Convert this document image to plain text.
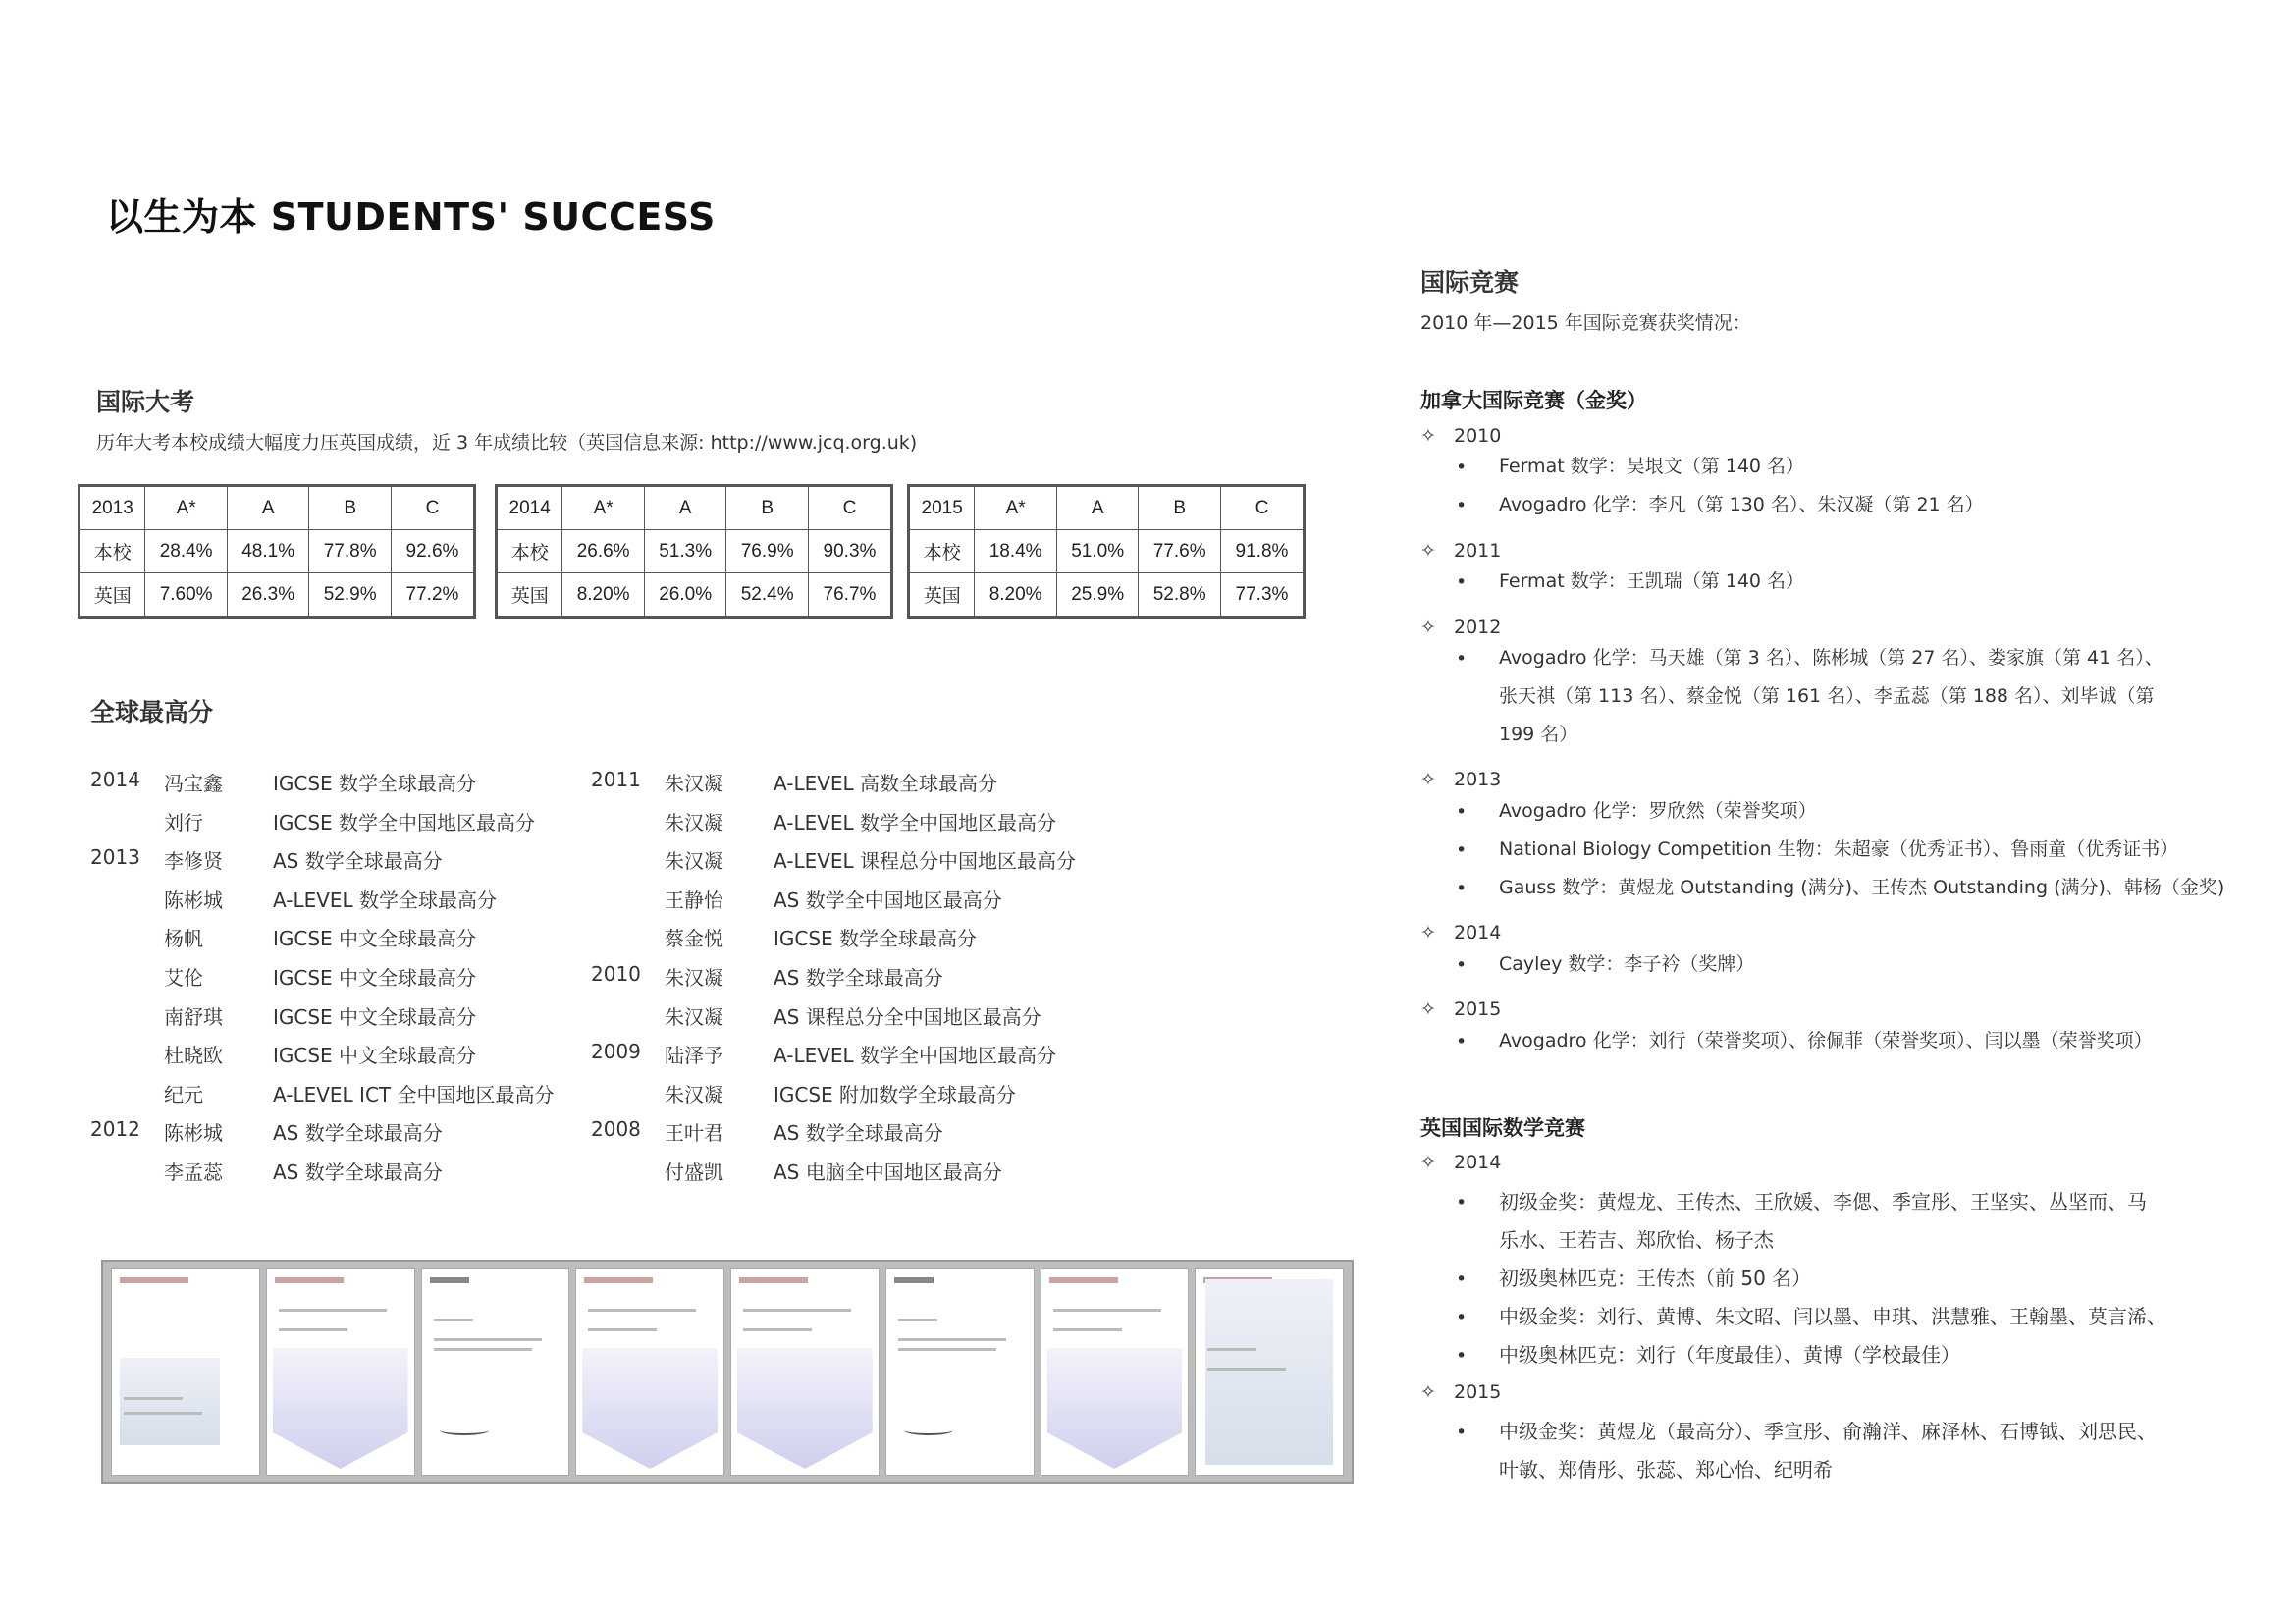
以生为本 STUDENTS' SUCCESS
国际大考
历年大考本校成绩大幅度力压英国成绩，近 3 年成绩比较（英国信息来源: http://www.jcq.org.uk)
2013	A*	A	B	C
本校	28.4%	48.1%	77.8%	92.6%
英国	7.60%	26.3%	52.9%	77.2%
2014	A*	A	B	C
本校	26.6%	51.3%	76.9%	90.3%
英国	8.20%	26.0%	52.4%	76.7%
2015	A*	A	B	C
本校	18.4%	51.0%	77.6%	91.8%
英国	8.20%	25.9%	52.8%	77.3%
全球最高分
2014 冯宝鑫	IGCSE 数学全球最高分	2011 朱汉凝	A-LEVEL 高数全球最高分
刘行	IGCSE 数学全中国地区最高分	朱汉凝	A-LEVEL 数学全中国地区最高分
2013 李修贤	AS 数学全球最高分	朱汉凝	A-LEVEL 课程总分中国地区最高分
陈彬城	A-LEVEL 数学全球最高分	王静怡	AS 数学全中国地区最高分
杨帆	IGCSE 中文全球最高分	蔡金悦	IGCSE 数学全球最高分
艾伦	IGCSE 中文全球最高分	2010 朱汉凝	AS 数学全球最高分
南舒琪	IGCSE 中文全球最高分	朱汉凝	AS 课程总分全中国地区最高分
杜晓欧	IGCSE 中文全球最高分	2009 陆泽予	A-LEVEL 数学全中国地区最高分
纪元	A-LEVEL ICT 全中国地区最高分	朱汉凝	IGCSE 附加数学全球最高分
2012 陈彬城	AS 数学全球最高分	2008 王叶君	AS 数学全球最高分
李孟蕊	AS 数学全球最高分	付盛凯	AS 电脑全中国地区最高分
国际竞赛
2010 年—2015 年国际竞赛获奖情况：
加拿大国际竞赛（金奖）
✧ 2010
• Fermat 数学：吴垠文（第 140 名）
• Avogadro 化学：李凡（第 130 名）、朱汉凝（第 21 名）
✧ 2011
• Fermat 数学：王凯瑞（第 140 名）
✧ 2012
• Avogadro 化学：马天雄（第 3 名）、陈彬城（第 27 名）、娄家旗（第 41 名）、
张天祺（第 113 名）、蔡金悦（第 161 名）、李孟蕊（第 188 名）、刘毕诚（第
199 名）
✧ 2013
• Avogadro 化学：罗欣然（荣誉奖项）
• National Biology Competition 生物：朱超豪（优秀证书）、鲁雨童（优秀证书）
• Gauss 数学：黄煜龙 Outstanding (满分)、王传杰 Outstanding (满分)、韩杨（金奖)
✧ 2014
• Cayley 数学：李子衿（奖牌）
✧ 2015
• Avogadro 化学：刘行（荣誉奖项）、徐佩菲（荣誉奖项）、闫以墨（荣誉奖项）
英国国际数学竞赛
✧ 2014
• 初级金奖：黄煜龙、王传杰、王欣媛、李偲、季宣彤、王坚实、丛坚而、马
乐水、王若吉、郑欣怡、杨子杰
• 初级奥林匹克：王传杰（前 50 名）
• 中级金奖：刘行、黄博、朱文昭、闫以墨、申琪、洪慧雅、王翰墨、莫言浠、
• 中级奥林匹克：刘行（年度最佳）、黄博（学校最佳）
✧ 2015
• 中级金奖：黄煜龙（最高分）、季宣彤、俞瀚洋、麻泽林、石博钺、刘思民、
叶敏、郑倩彤、张蕊、郑心怡、纪明希
